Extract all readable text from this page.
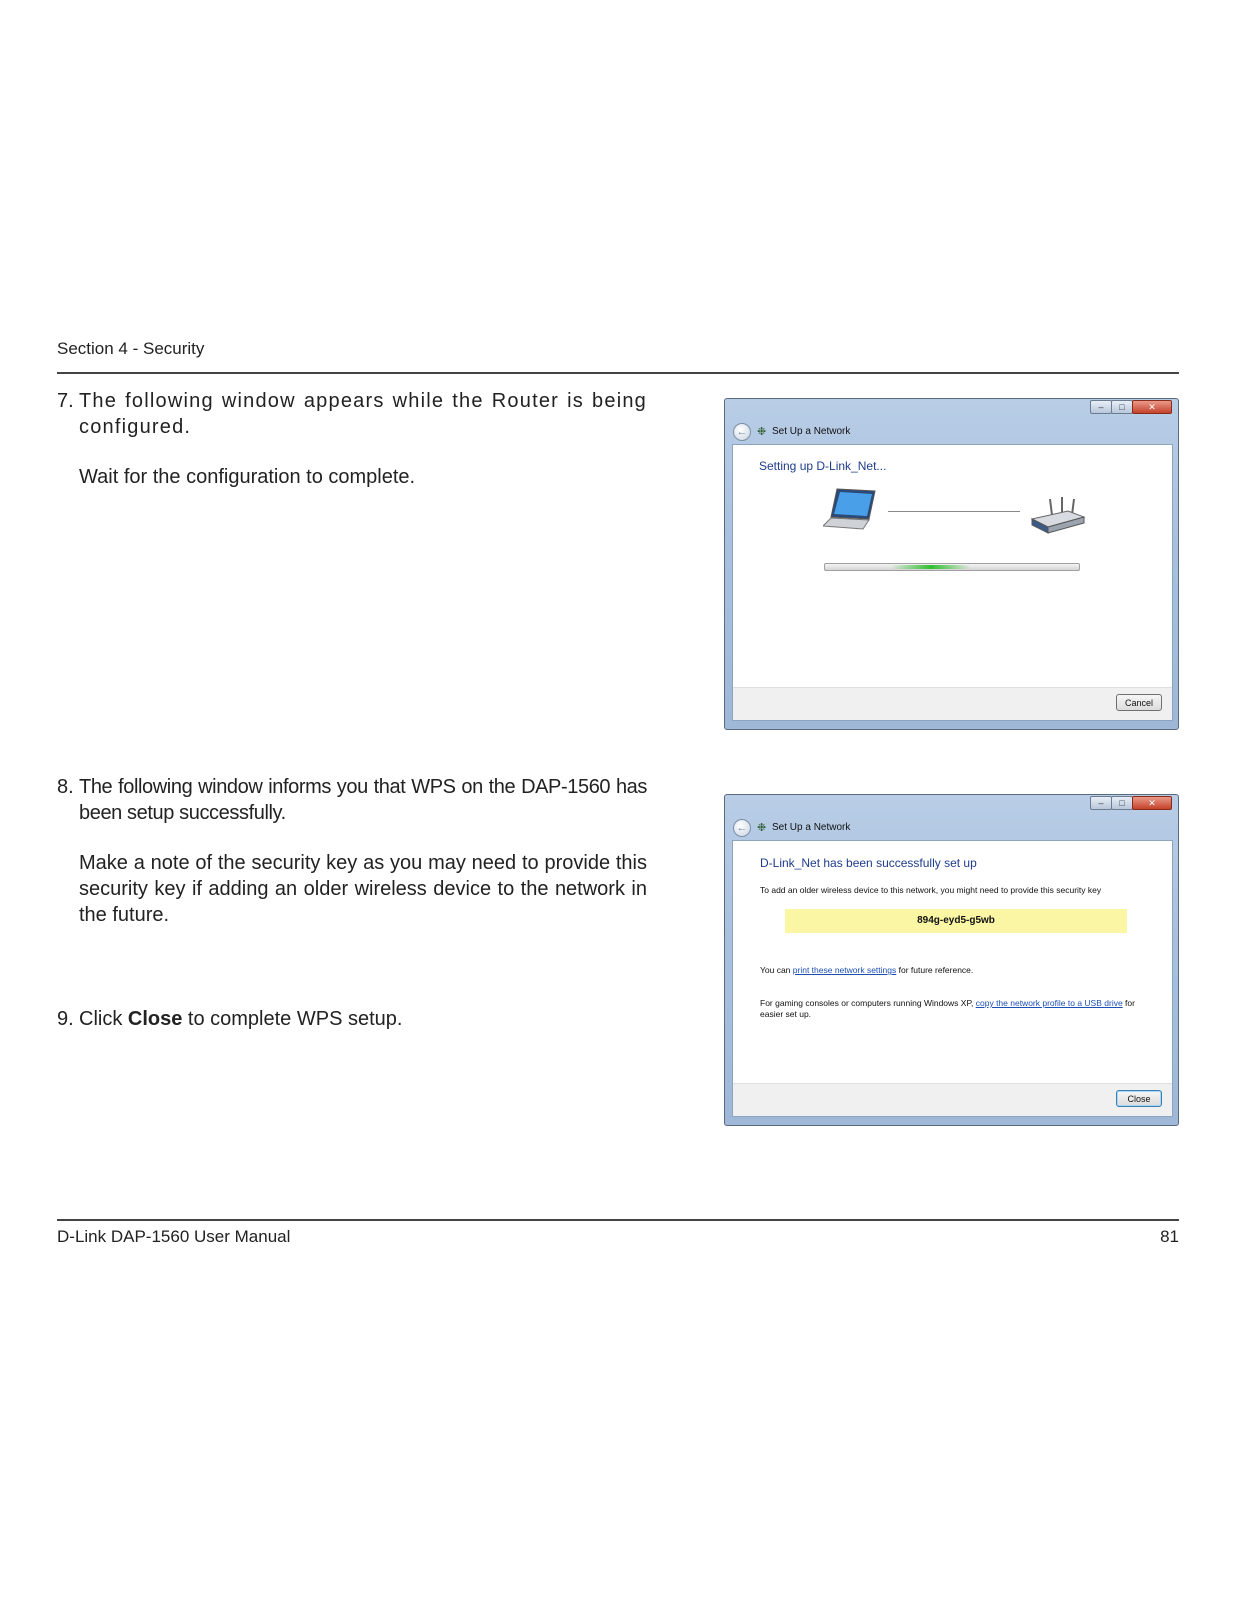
Section 4 - Security
7. The following window appears while the Router is being configured.

Wait for the configuration to complete.

8. The following window informs you that WPS on the DAP-1560 has been setup successfully.

Make a note of the security key as you may need to provide this security key if adding an older wireless device to the network in the future.

9. Click Close to complete WPS setup.

–	□	✕
← ❉ Set Up a Network
Setting up D-Link_Net...
Cancel
–	□	✕
← ❉ Set Up a Network
D-Link_Net has been successfully set up
To add an older wireless device to this network, you might need to provide this security key
894g-eyd5-g5wb
You can print these network settings for future reference.
For gaming consoles or computers running Windows XP, copy the network profile to a USB drive for easier set up.
Close
D-Link DAP-1560 User Manual	81
